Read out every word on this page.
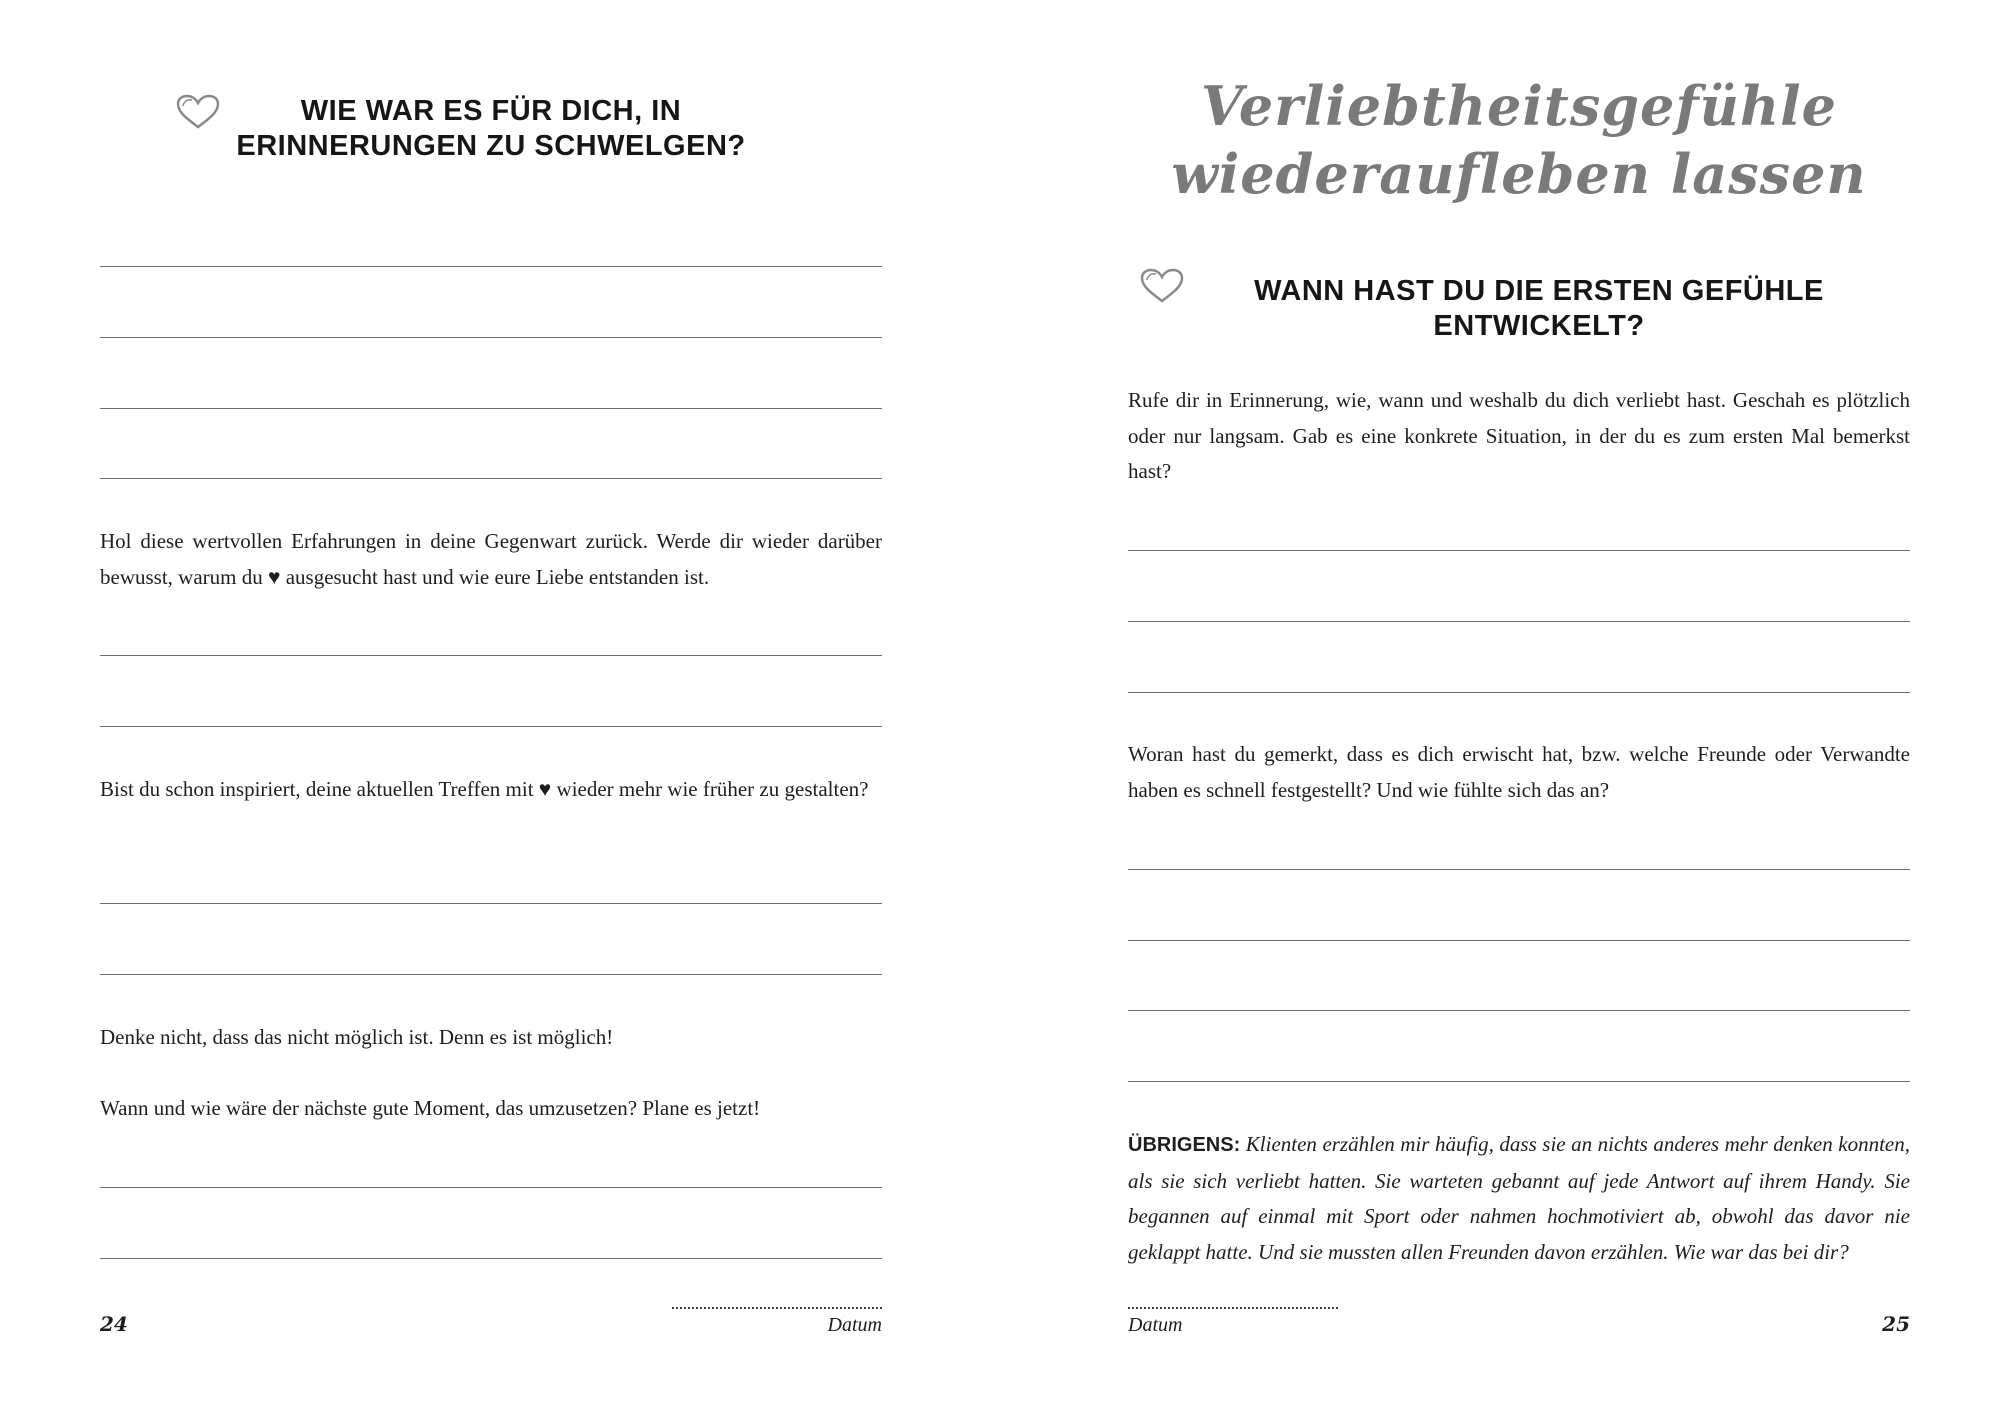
WIE WAR ES FÜR DICH, IN ERINNERUNGEN ZU SCHWELGEN?

Hol diese wertvollen Erfahrungen in deine Gegenwart zurück. Werde dir wieder darüber bewusst, warum du ♥ ausgesucht hast und wie eure Liebe entstanden ist.

Bist du schon inspiriert, deine aktuellen Treffen mit ♥ wieder mehr wie früher zu gestalten?

Denke nicht, dass das nicht möglich ist. Denn es ist möglich!

Wann und wie wäre der nächste gute Moment, das umzusetzen? Plane es jetzt!

Datum
24
Verliebtheitsgefühle
wiederaufleben lassen
WANN HAST DU DIE ERSTEN GEFÜHLE ENTWICKELT?

Rufe dir in Erinnerung, wie, wann und weshalb du dich verliebt hast. Geschah es plötzlich oder nur langsam. Gab es eine konkrete Situation, in der du es zum ersten Mal bemerkst hast?

Woran hast du gemerkt, dass es dich erwischt hat, bzw. welche Freunde oder Verwandte haben es schnell festgestellt? Und wie fühlte sich das an?

ÜBRIGENS: Klienten erzählen mir häufig, dass sie an nichts anderes mehr denken konnten, als sie sich verliebt hatten. Sie warteten gebannt auf jede Antwort auf ihrem Handy. Sie begannen auf einmal mit Sport oder nahmen hochmotiviert ab, obwohl das davor nie geklappt hatte. Und sie mussten allen Freunden davon erzählen. Wie war das bei dir?
Datum	25
